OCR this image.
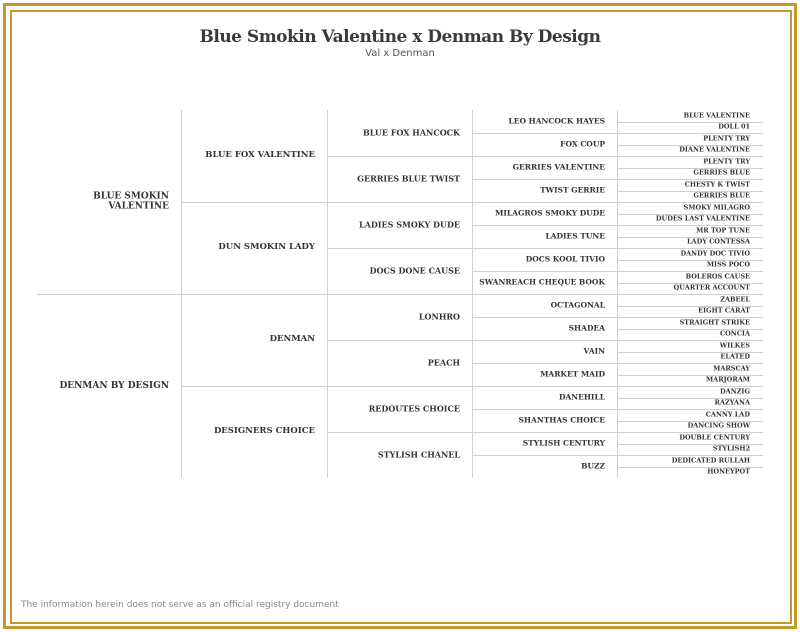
Blue Smokin Valentine x Denman By Design
Val x Denman
BLUE SMOKIN VALENTINE
DENMAN BY DESIGN
BLUE FOX VALENTINE
DUN SMOKIN LADY
DENMAN
DESIGNERS CHOICE
BLUE FOX HANCOCK
GERRIES BLUE TWIST
LADIES SMOKY DUDE
DOCS DONE CAUSE
LONHRO
PEACH
REDOUTES CHOICE
STYLISH CHANEL
LEO HANCOCK HAYES
FOX COUP
GERRIES VALENTINE
TWIST GERRIE
MILAGROS SMOKY DUDE
LADIES TUNE
DOCS KOOL TIVIO
SWANREACH CHEQUE BOOK
OCTAGONAL
SHADEA
VAIN
MARKET MAID
DANEHILL
SHANTHAS CHOICE
STYLISH CENTURY
BUZZ
BLUE VALENTINE
DOLL 01
PLENTY TRY
DIANE VALENTINE
PLENTY TRY
GERRIES BLUE
CHESTY K TWIST
GERRIES BLUE
SMOKY MILAGRO
DUDES LAST VALENTINE
MR TOP TUNE
LADY CONTESSA
DANDY DOC TIVIO
MISS POCO
BOLEROS CAUSE
QUARTER ACCOUNT
ZABEEL
EIGHT CARAT
STRAIGHT STRIKE
CONCIA
WILKES
ELATED
MARSCAY
MARJORAM
DANZIG
RAZYANA
CANNY LAD
DANCING SHOW
DOUBLE CENTURY
STYLISH2
DEDICATED RULLAH
HONEYPOT
The information herein does not serve as an official registry document
